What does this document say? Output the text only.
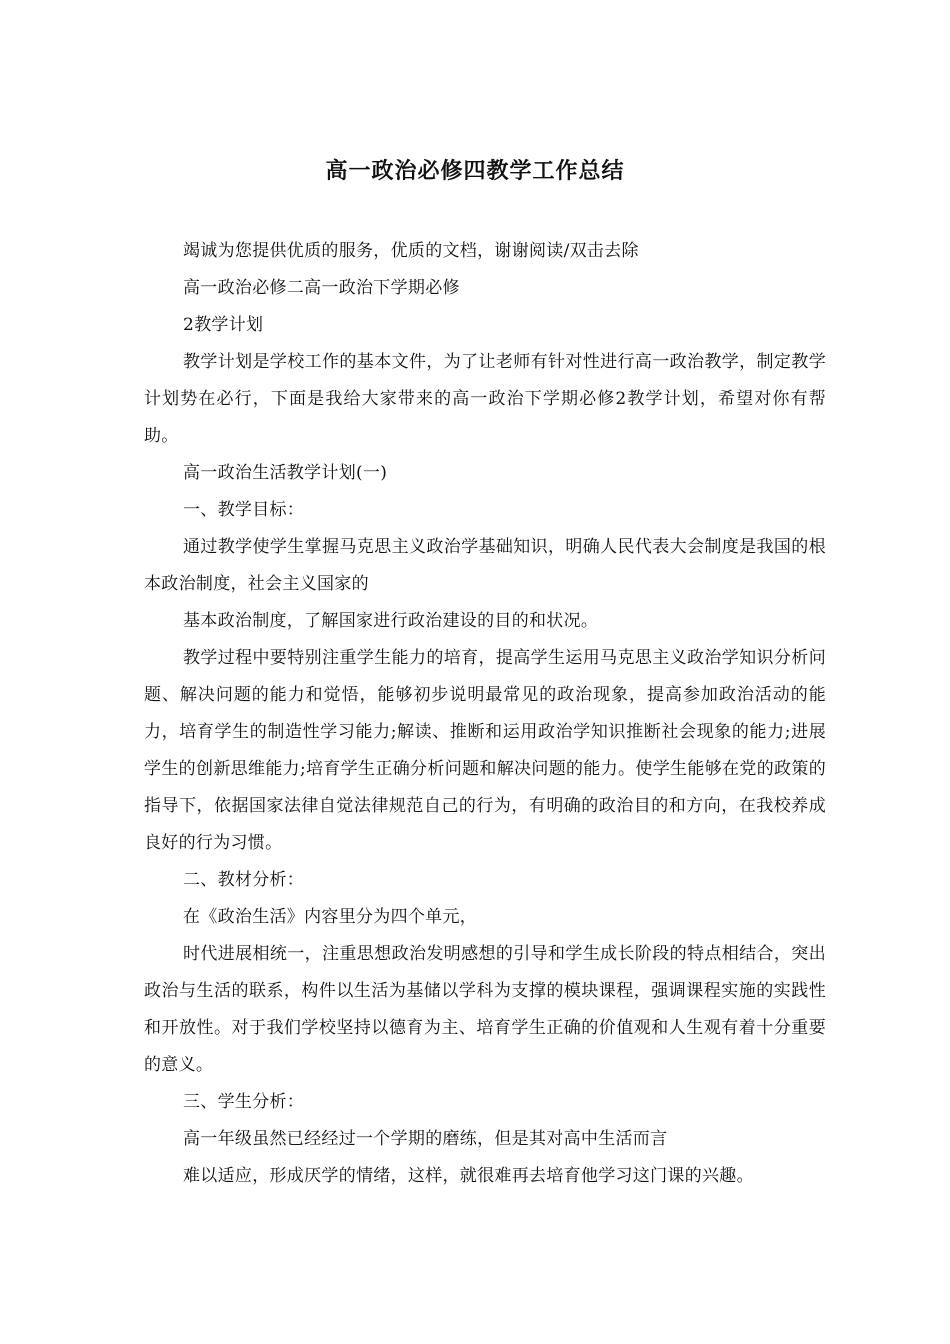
高一政治必修四教学工作总结

竭诚为您提供优质的服务，优质的文档，谢谢阅读/双击去除

高一政治必修二高一政治下学期必修

2教学计划

教学计划是学校工作的基本文件，为了让老师有针对性进行高一政治教学，制定教学计划势在必行，下面是我给大家带来的高一政治下学期必修2教学计划，希望对你有帮助。

高一政治生活教学计划(一)

一、教学目标：

通过教学使学生掌握马克思主义政治学基础知识，明确人民代表大会制度是我国的根本政治制度，社会主义国家的

基本政治制度，了解国家进行政治建设的目的和状况。

教学过程中要特别注重学生能力的培育，提高学生运用马克思主义政治学知识分析问题、解决问题的能力和觉悟，能够初步说明最常见的政治现象，提高参加政治活动的能力，培育学生的制造性学习能力;解读、推断和运用政治学知识推断社会现象的能力;进展学生的创新思维能力;培育学生正确分析问题和解决问题的能力。使学生能够在党的政策的指导下，依据国家法律自觉法律规范自己的行为，有明确的政治目的和方向，在我校养成良好的行为习惯。

二、教材分析：

在《政治生活》内容里分为四个单元，

时代进展相统一，注重思想政治发明感想的引导和学生成长阶段的特点相结合，突出政治与生活的联系，构件以生活为基储以学科为支撑的模块课程，强调课程实施的实践性和开放性。对于我们学校坚持以德育为主、培育学生正确的价值观和人生观有着十分重要的意义。

三、学生分析：

高一年级虽然已经经过一个学期的磨练，但是其对高中生活而言

难以适应，形成厌学的情绪，这样，就很难再去培育他学习这门课的兴趣。
